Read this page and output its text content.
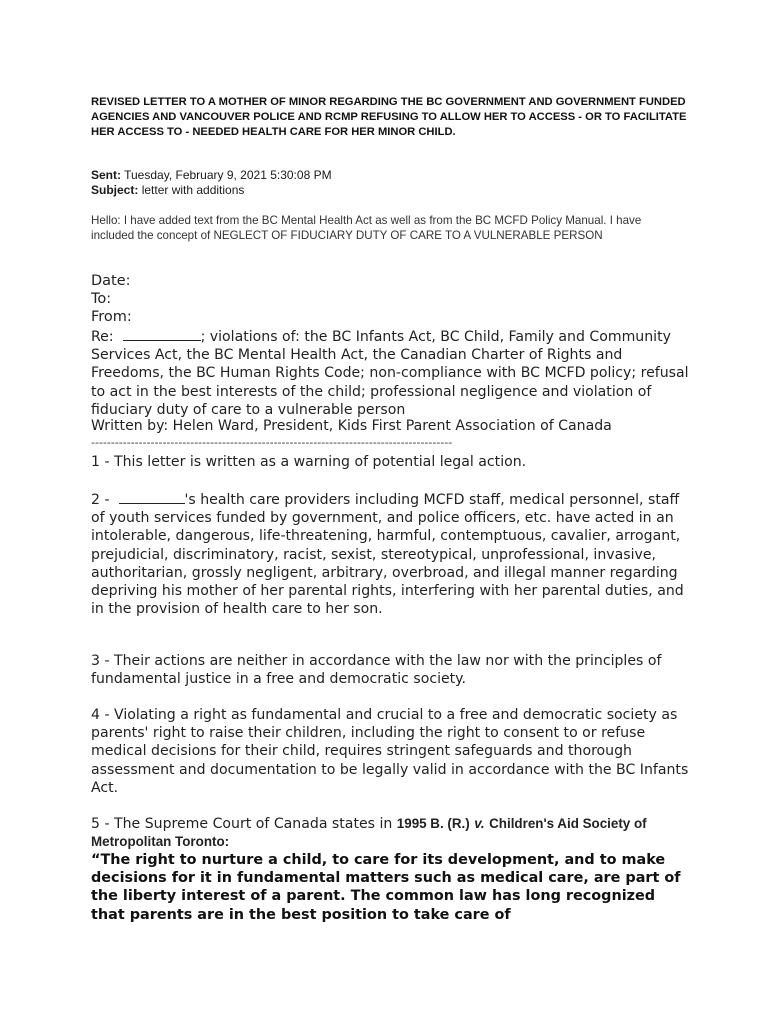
REVISED LETTER TO A MOTHER OF MINOR REGARDING THE BC GOVERNMENT AND GOVERNMENT FUNDED AGENCIES AND VANCOUVER POLICE AND RCMP REFUSING TO ALLOW HER TO ACCESS - OR TO FACILITATE HER ACCESS TO - NEEDED HEALTH CARE FOR HER MINOR CHILD.
Sent: Tuesday, February 9, 2021 5:30:08 PM
Subject: letter with additions
Hello: I have added text from the BC Mental Health Act as well as from the BC MCFD Policy Manual. I have included the concept of NEGLECT OF FIDUCIARY DUTY OF CARE TO A VULNERABLE PERSON
Date:
To:
From:
Re:	; violations of: the BC Infants Act, BC Child, Family and Community Services Act, the BC Mental Health Act, the Canadian Charter of Rights and Freedoms, the BC Human Rights Code; non-compliance with BC MCFD policy; refusal to act in the best interests of the child; professional negligence and violation of fiduciary duty of care to a vulnerable person
Written by: Helen Ward, President, Kids First Parent Association of Canada
-------------------------------------------------------------------------------------------
1 - This letter is written as a warning of potential legal action.
2 -	's health care providers including MCFD staff, medical personnel, staff of youth services funded by government, and police officers, etc. have acted in an intolerable, dangerous, life-threatening, harmful, contemptuous, cavalier, arrogant, prejudicial, discriminatory, racist, sexist, stereotypical, unprofessional, invasive, authoritarian, grossly negligent, arbitrary, overbroad, and illegal manner regarding depriving his mother of her parental rights, interfering with her parental duties, and in the provision of health care to her son.
3 - Their actions are neither in accordance with the law nor with the principles of fundamental justice in a free and democratic society.
4 - Violating a right as fundamental and crucial to a free and democratic society as parents' right to raise their children, including the right to consent to or refuse medical decisions for their child, requires stringent safeguards and thorough assessment and documentation to be legally valid in accordance with the BC Infants Act.
5 - The Supreme Court of Canada states in 1995 B. (R.) v. Children's Aid Society of Metropolitan Toronto:
“The right to nurture a child, to care for its development, and to make decisions for it in fundamental matters such as medical care, are part of the liberty interest of a parent. The common law has long recognized that parents are in the best position to take care of
